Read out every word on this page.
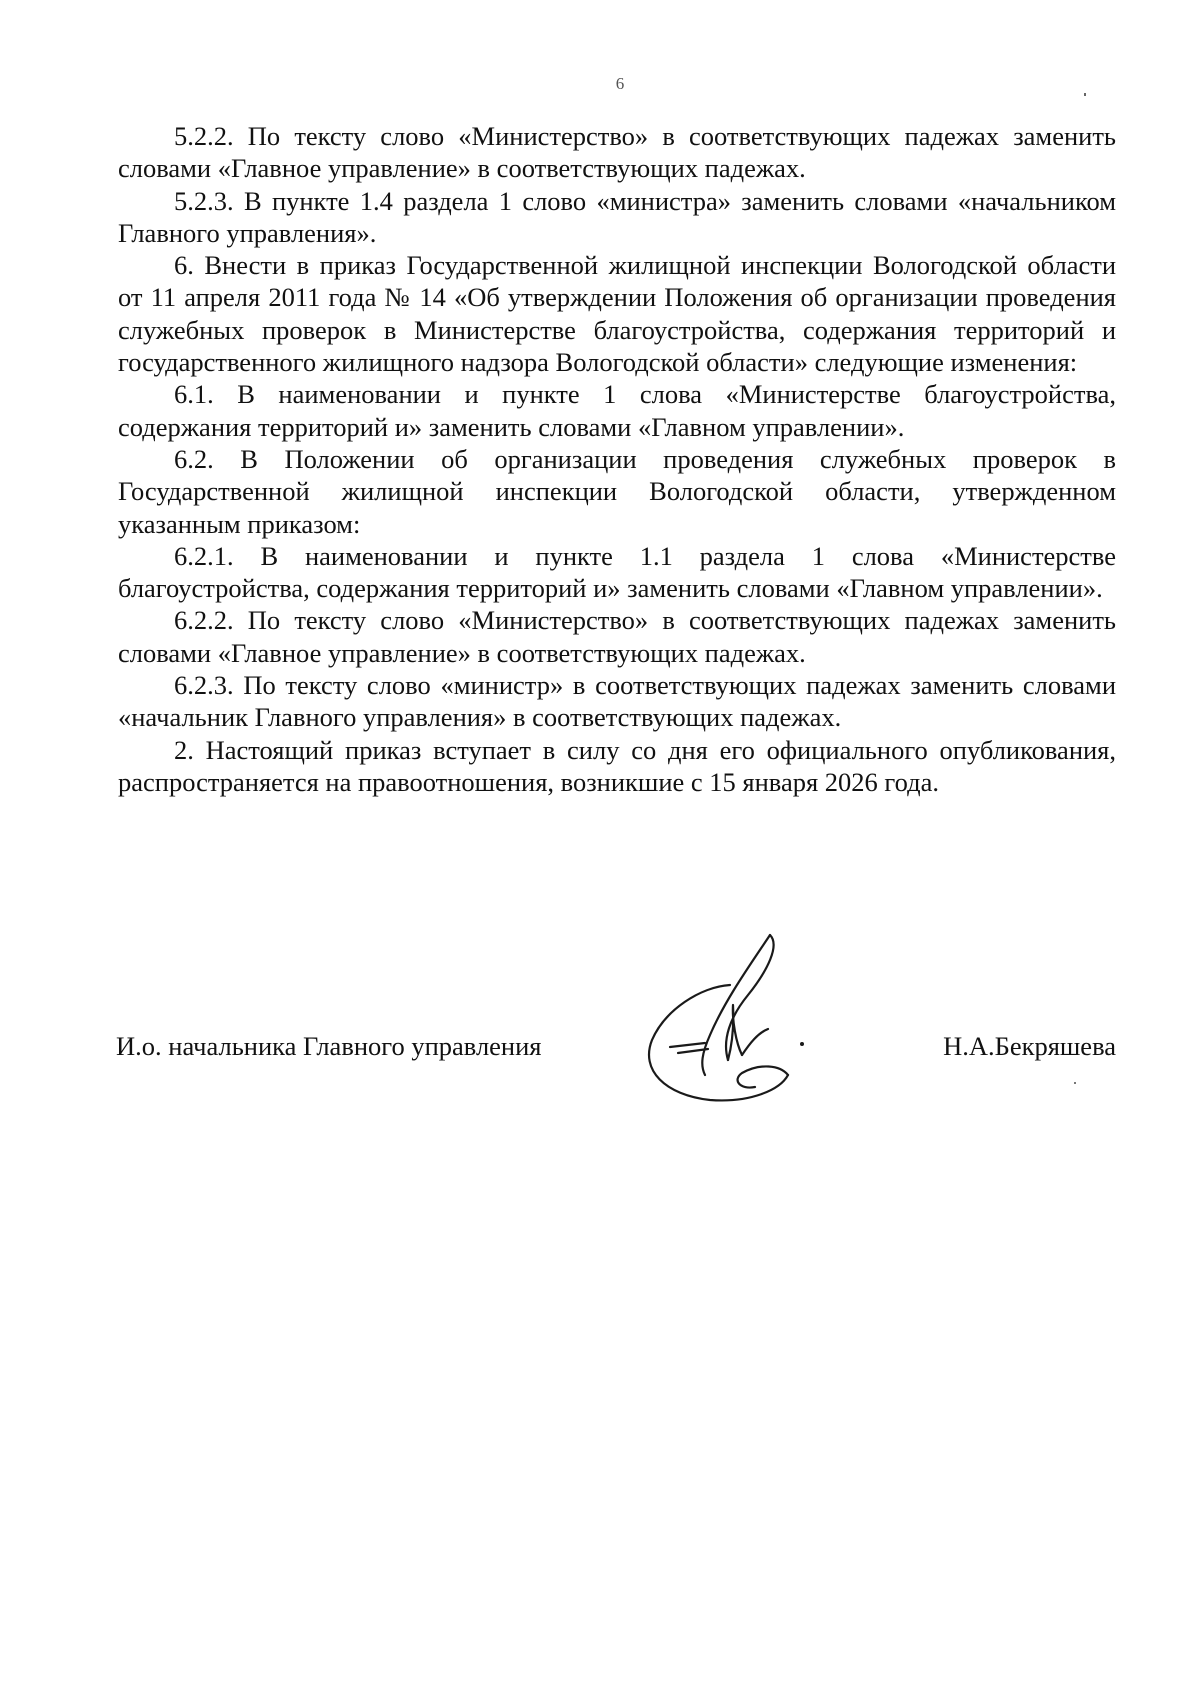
6

5.2.2. По тексту слово «Министерство» в соответствующих падежах заменить словами «Главное управление» в соответствующих падежах.

5.2.3. В пункте 1.4 раздела 1 слово «министра» заменить словами «начальником Главного управления».

6. Внести в приказ Государственной жилищной инспекции Вологодской области от 11 апреля 2011 года № 14 «Об утверждении Положения об организации проведения служебных проверок в Министерстве благоустройства, содержания территорий и государственного жилищного надзора Вологодской области» следующие изменения:

6.1. В наименовании и пункте 1 слова «Министерстве благоустройства, содержания территорий и» заменить словами «Главном управлении».

6.2. В Положении об организации проведения служебных проверок в Государственной жилищной инспекции Вологодской области, утвержденном указанным приказом:

6.2.1. В наименовании и пункте 1.1 раздела 1 слова «Министерстве благоустройства, содержания территорий и» заменить словами «Главном управлении».

6.2.2. По тексту слово «Министерство» в соответствующих падежах заменить словами «Главное управление» в соответствующих падежах.

6.2.3. По тексту слово «министр» в соответствующих падежах заменить словами «начальник Главного управления» в соответствующих падежах.

2. Настоящий приказ вступает в силу со дня его официального опубликования, распространяется на правоотношения, возникшие с 15 января 2026 года.

И.о. начальника Главного управления	Н.А.Бекряшева
